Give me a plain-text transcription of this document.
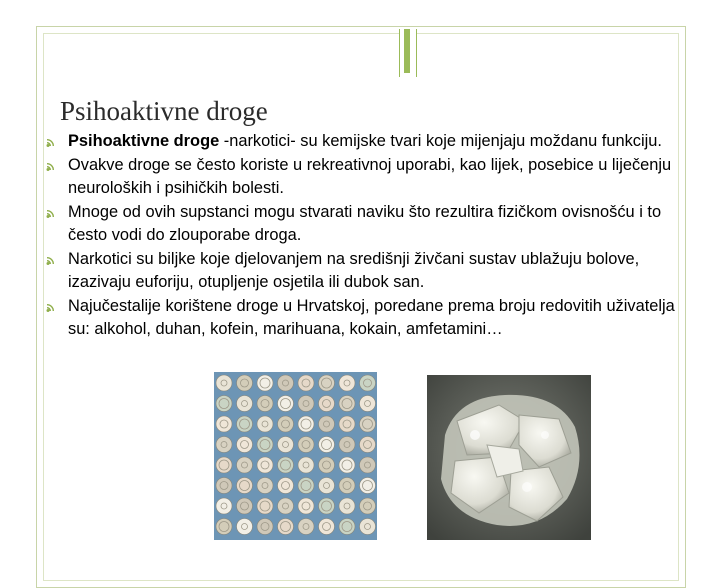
Psihoaktivne droge
Psihoaktivne droge -narkotici- su kemijske tvari koje mijenjaju moždanu funkciju.
Ovakve droge se često koriste u rekreativnoj uporabi, kao lijek, posebice u liječenju neuroloških i psihičkih bolesti.
Mnoge od ovih supstanci mogu stvarati naviku što rezultira fizičkom ovisnošću i to često vodi do zlouporabe droga.
Narkotici su biljke koje djelovanjem na središnji živčani sustav ublažuju bolove, izazivaju euforiju, otupljenje osjetila ili dubok san.
Najučestalije korištene droge u Hrvatskoj, poredane prema broju redovitih uživatelja su: alkohol, duhan, kofein, marihuana, kokain, amfetamini…
